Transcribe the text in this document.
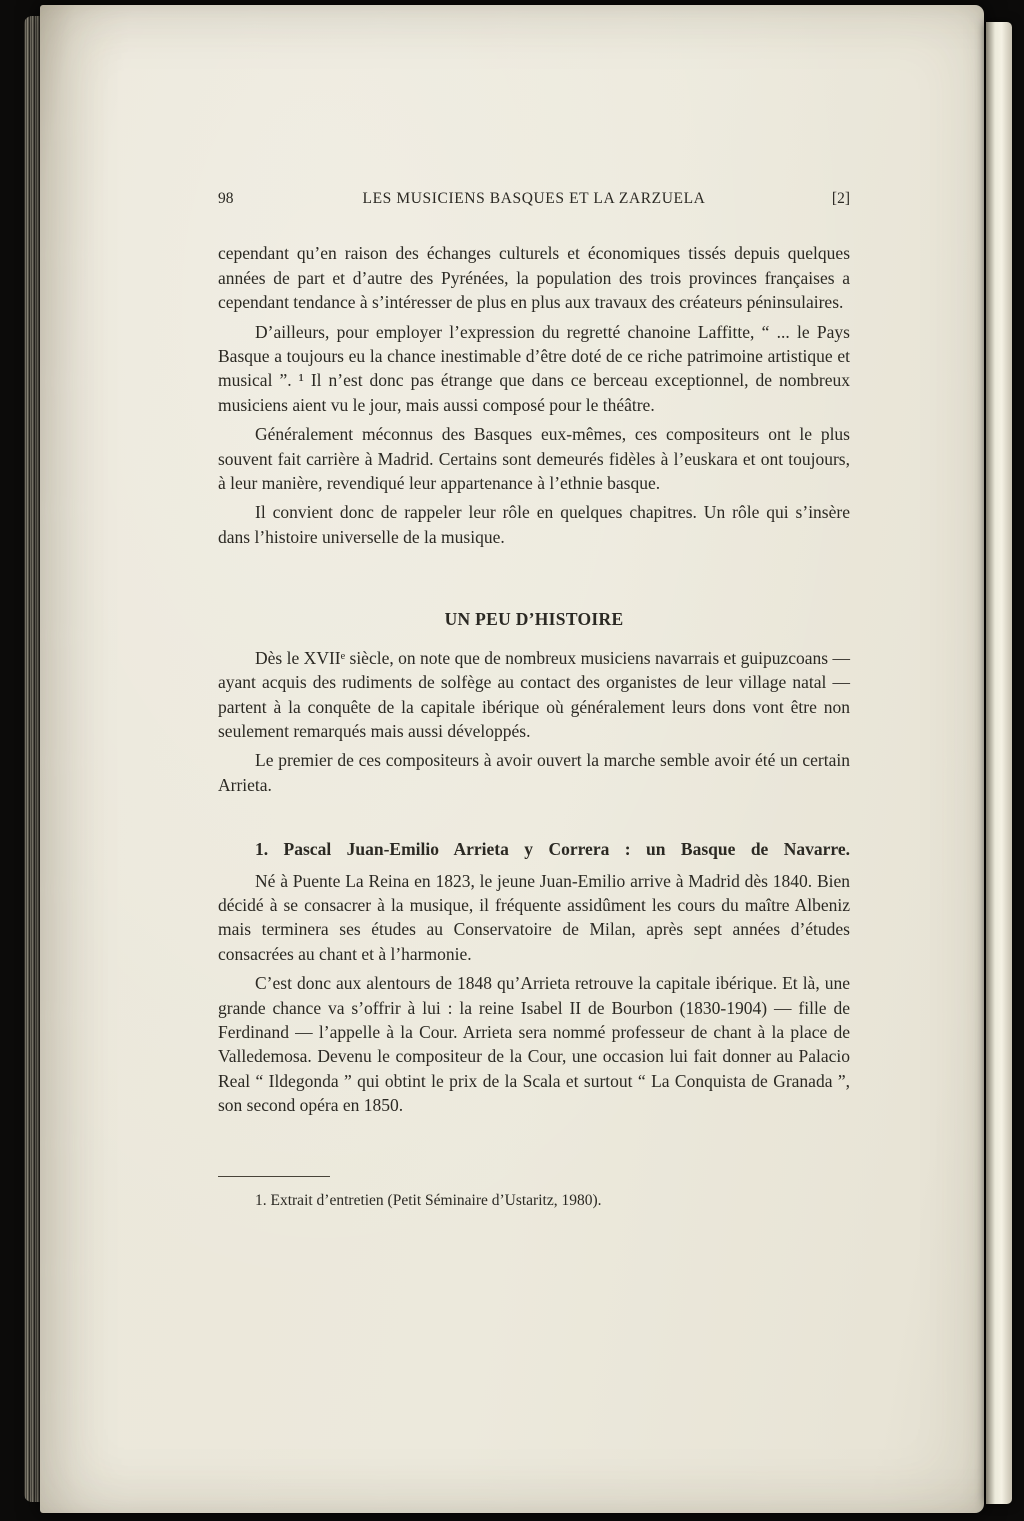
98	LES MUSICIENS BASQUES ET LA ZARZUELA	[2]

cependant qu’en raison des échanges culturels et économiques tissés depuis quelques années de part et d’autre des Pyrénées, la population des trois provinces françaises a cependant tendance à s’intéresser de plus en plus aux travaux des créateurs péninsulaires.

D’ailleurs, pour employer l’expression du regretté chanoine Laffitte, “ ... le Pays Basque a toujours eu la chance inestimable d’être doté de ce riche patrimoine artistique et musical ”. ¹ Il n’est donc pas étrange que dans ce berceau exceptionnel, de nombreux musiciens aient vu le jour, mais aussi composé pour le théâtre.

Généralement méconnus des Basques eux-mêmes, ces compositeurs ont le plus souvent fait carrière à Madrid. Certains sont demeurés fidèles à l’euskara et ont toujours, à leur manière, revendiqué leur appartenance à l’ethnie basque.

Il convient donc de rappeler leur rôle en quelques chapitres. Un rôle qui s’insère dans l’histoire universelle de la musique.

UN PEU D’HISTOIRE

Dès le XVIIᵉ siècle, on note que de nombreux musiciens navarrais et guipuzcoans — ayant acquis des rudiments de solfège au contact des organistes de leur village natal — partent à la conquête de la capitale ibérique où généralement leurs dons vont être non seulement remarqués mais aussi développés.

Le premier de ces compositeurs à avoir ouvert la marche semble avoir été un certain Arrieta.

1. Pascal Juan-Emilio Arrieta y Correra : un Basque de Navarre.

Né à Puente La Reina en 1823, le jeune Juan-Emilio arrive à Madrid dès 1840. Bien décidé à se consacrer à la musique, il fréquente assidûment les cours du maître Albeniz mais terminera ses études au Conservatoire de Milan, après sept années d’études consacrées au chant et à l’harmonie.

C’est donc aux alentours de 1848 qu’Arrieta retrouve la capitale ibérique. Et là, une grande chance va s’offrir à lui : la reine Isabel II de Bourbon (1830-1904) — fille de Ferdinand — l’appelle à la Cour. Arrieta sera nommé professeur de chant à la place de Valledemosa. Devenu le compositeur de la Cour, une occasion lui fait donner au Palacio Real “ Ildegonda ” qui obtint le prix de la Scala et surtout “ La Conquista de Granada ”, son second opéra en 1850.

1. Extrait d’entretien (Petit Séminaire d’Ustaritz, 1980).
